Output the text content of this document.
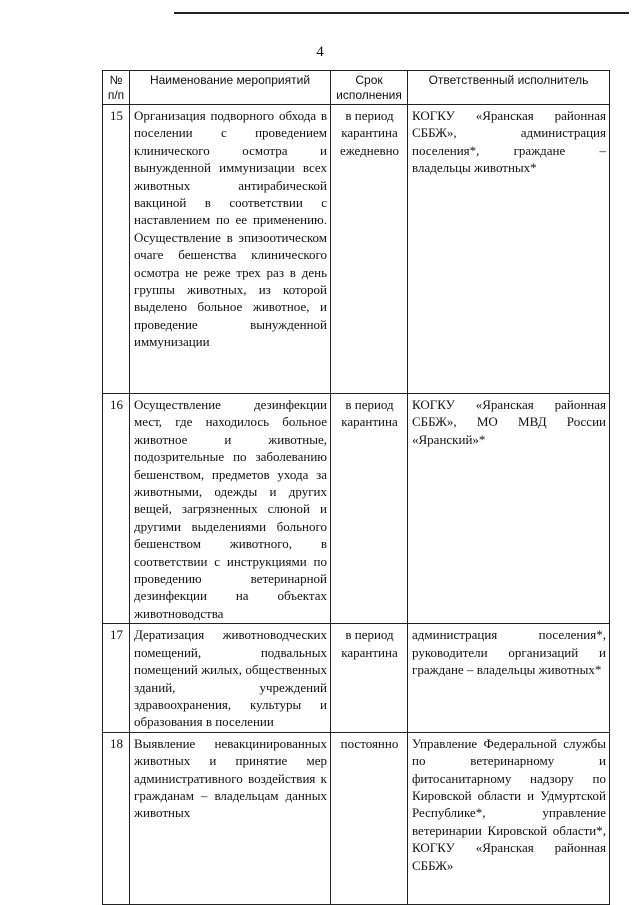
4
№ п/п	Наименование мероприятий	Срок исполнения	Ответственный исполнитель
15	Организация подворного обхода в поселении с проведением клинического осмотра и вынужденной иммунизации всех животных антирабической вакциной в соответствии с наставлением по ее применению. Осуществление в эпизоотическом очаге бешенства клинического осмотра не реже трех раз в день группы животных, из которой выделено больное животное, и проведение вынужденной иммунизации	в период карантина ежедневно	КОГКУ «Яранская районная СББЖ», администрация поселения*, граждане – владельцы животных*
16	Осуществление дезинфекции мест, где находилось больное животное и животные, подозрительные по заболеванию бешенством, предметов ухода за животными, одежды и других вещей, загрязненных слюной и другими выделениями больного бешенством животного, в соответствии с инструкциями по проведению ветеринарной дезинфекции на объектах животноводства	в период карантина	КОГКУ «Яранская районная СББЖ», МО МВД России «Яранский»*
17	Дератизация животноводческих помещений, подвальных помещений жилых, общественных зданий, учреждений здравоохранения, культуры и образования в поселении	в период карантина	администрация поселения*, руководители организаций и граждане – владельцы животных*
18	Выявление невакцинированных животных и принятие мер административного воздействия к гражданам – владельцам данных животных	постоянно	Управление Федеральной службы по ветеринарному и фитосанитарному надзору по Кировской области и Удмуртской Республике*, управление ветеринарии Кировской области*, КОГКУ «Яранская районная СББЖ»
